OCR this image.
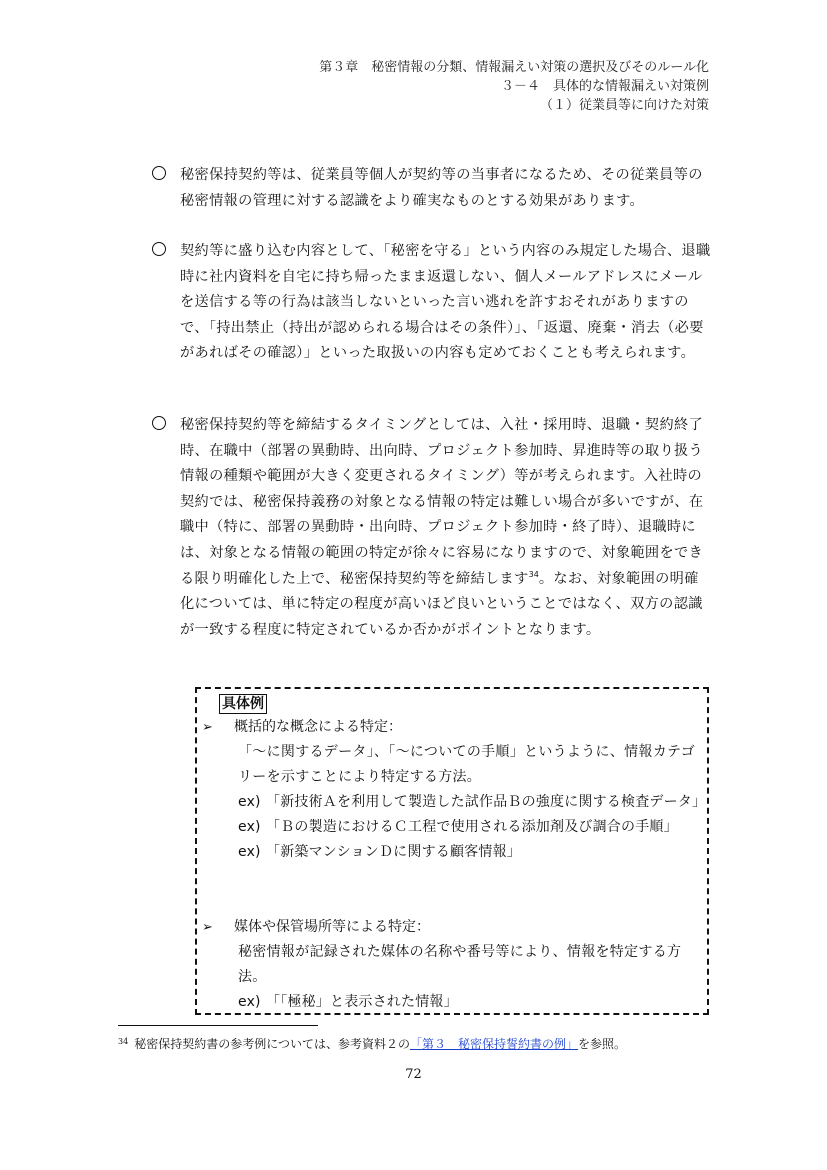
第３章　秘密情報の分類、情報漏えい対策の選択及びそのルール化
３－４　具体的な情報漏えい対策例
（１）従業員等に向けた対策
秘密保持契約等は、従業員等個人が契約等の当事者になるため、その従業員等の秘密情報の管理に対する認識をより確実なものとする効果があります。
契約等に盛り込む内容として、「秘密を守る」という内容のみ規定した場合、退職時に社内資料を自宅に持ち帰ったまま返還しない、個人メールアドレスにメールを送信する等の行為は該当しないといった言い逃れを許すおそれがありますので、「持出禁止（持出が認められる場合はその条件）」、「返還、廃棄・消去（必要があればその確認）」といった取扱いの内容も定めておくことも考えられます。
秘密保持契約等を締結するタイミングとしては、入社・採用時、退職・契約終了時、在職中（部署の異動時、出向時、プロジェクト参加時、昇進時等の取り扱う情報の種類や範囲が大きく変更されるタイミング）等が考えられます。入社時の契約では、秘密保持義務の対象となる情報の特定は難しい場合が多いですが、在職中（特に、部署の異動時・出向時、プロジェクト参加時・終了時）、退職時には、対象となる情報の範囲の特定が徐々に容易になりますので、対象範囲をできる限り明確化した上で、秘密保持契約等を締結します$^{34}$。なお、対象範囲の明確化については、単に特定の程度が高いほど良いということではなく、双方の認識が一致する程度に特定されているか否かがポイントとなります。
具体例
➢ 概括的な概念による特定：
「～に関するデータ」、「～についての手順」というように、情報カテゴリーを示すことにより特定する方法。
ex) 「新技術Ａを利用して製造した試作品Ｂの強度に関する検査データ」
ex) 「Ｂの製造におけるＣ工程で使用される添加剤及び調合の手順」
ex) 「新築マンションＤに関する顧客情報」
➢ 媒体や保管場所等による特定：
秘密情報が記録された媒体の名称や番号等により、情報を特定する方法。
ex) 「「極秘」と表示された情報」
$^{34}$ 秘密保持契約書の参考例については、参考資料２の「第３　秘密保持誓約書の例」を参照。
72
